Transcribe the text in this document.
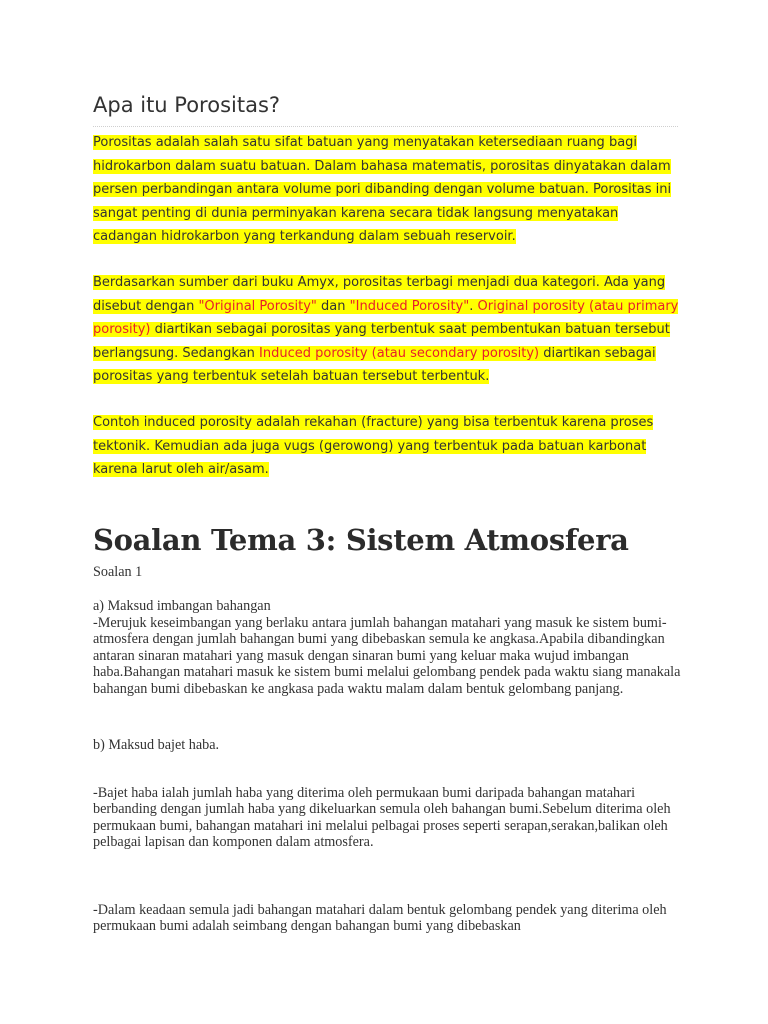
Apa itu Porositas?

Porositas adalah salah satu sifat batuan yang menyatakan ketersediaan ruang bagi hidrokarbon dalam suatu batuan. Dalam bahasa matematis, porositas dinyatakan dalam persen perbandingan antara volume pori dibanding dengan volume batuan. Porositas ini sangat penting di dunia perminyakan karena secara tidak langsung menyatakan cadangan hidrokarbon yang terkandung dalam sebuah reservoir.

Berdasarkan sumber dari buku Amyx, porositas terbagi menjadi dua kategori. Ada yang disebut dengan "Original Porosity" dan "Induced Porosity". Original porosity (atau primary porosity) diartikan sebagai porositas yang terbentuk saat pembentukan batuan tersebut berlangsung. Sedangkan Induced porosity (atau secondary porosity) diartikan sebagai porositas yang terbentuk setelah batuan tersebut terbentuk.

Contoh induced porosity adalah rekahan (fracture) yang bisa terbentuk karena proses tektonik. Kemudian ada juga vugs (gerowong) yang terbentuk pada batuan karbonat karena larut oleh air/asam.

Soalan Tema 3: Sistem Atmosfera

Soalan 1

a) Maksud imbangan bahangan

-Merujuk keseimbangan yang berlaku antara jumlah bahangan matahari yang masuk ke sistem bumi-atmosfera dengan jumlah bahangan bumi yang dibebaskan semula ke angkasa.Apabila dibandingkan antaran sinaran matahari yang masuk dengan sinaran bumi yang keluar maka wujud imbangan haba.Bahangan matahari masuk ke sistem bumi melalui gelombang pendek pada waktu siang manakala bahangan bumi dibebaskan ke angkasa pada waktu malam dalam bentuk gelombang panjang.

b) Maksud bajet haba.

-Bajet haba ialah jumlah haba yang diterima oleh permukaan bumi daripada bahangan matahari berbanding dengan jumlah haba yang dikeluarkan semula oleh bahangan bumi.Sebelum diterima oleh permukaan bumi, bahangan matahari ini melalui pelbagai proses seperti serapan,serakan,balikan oleh pelbagai lapisan dan komponen dalam atmosfera.

-Dalam keadaan semula jadi bahangan matahari dalam bentuk gelombang pendek yang diterima oleh permukaan bumi adalah seimbang dengan bahangan bumi yang dibebaskan
